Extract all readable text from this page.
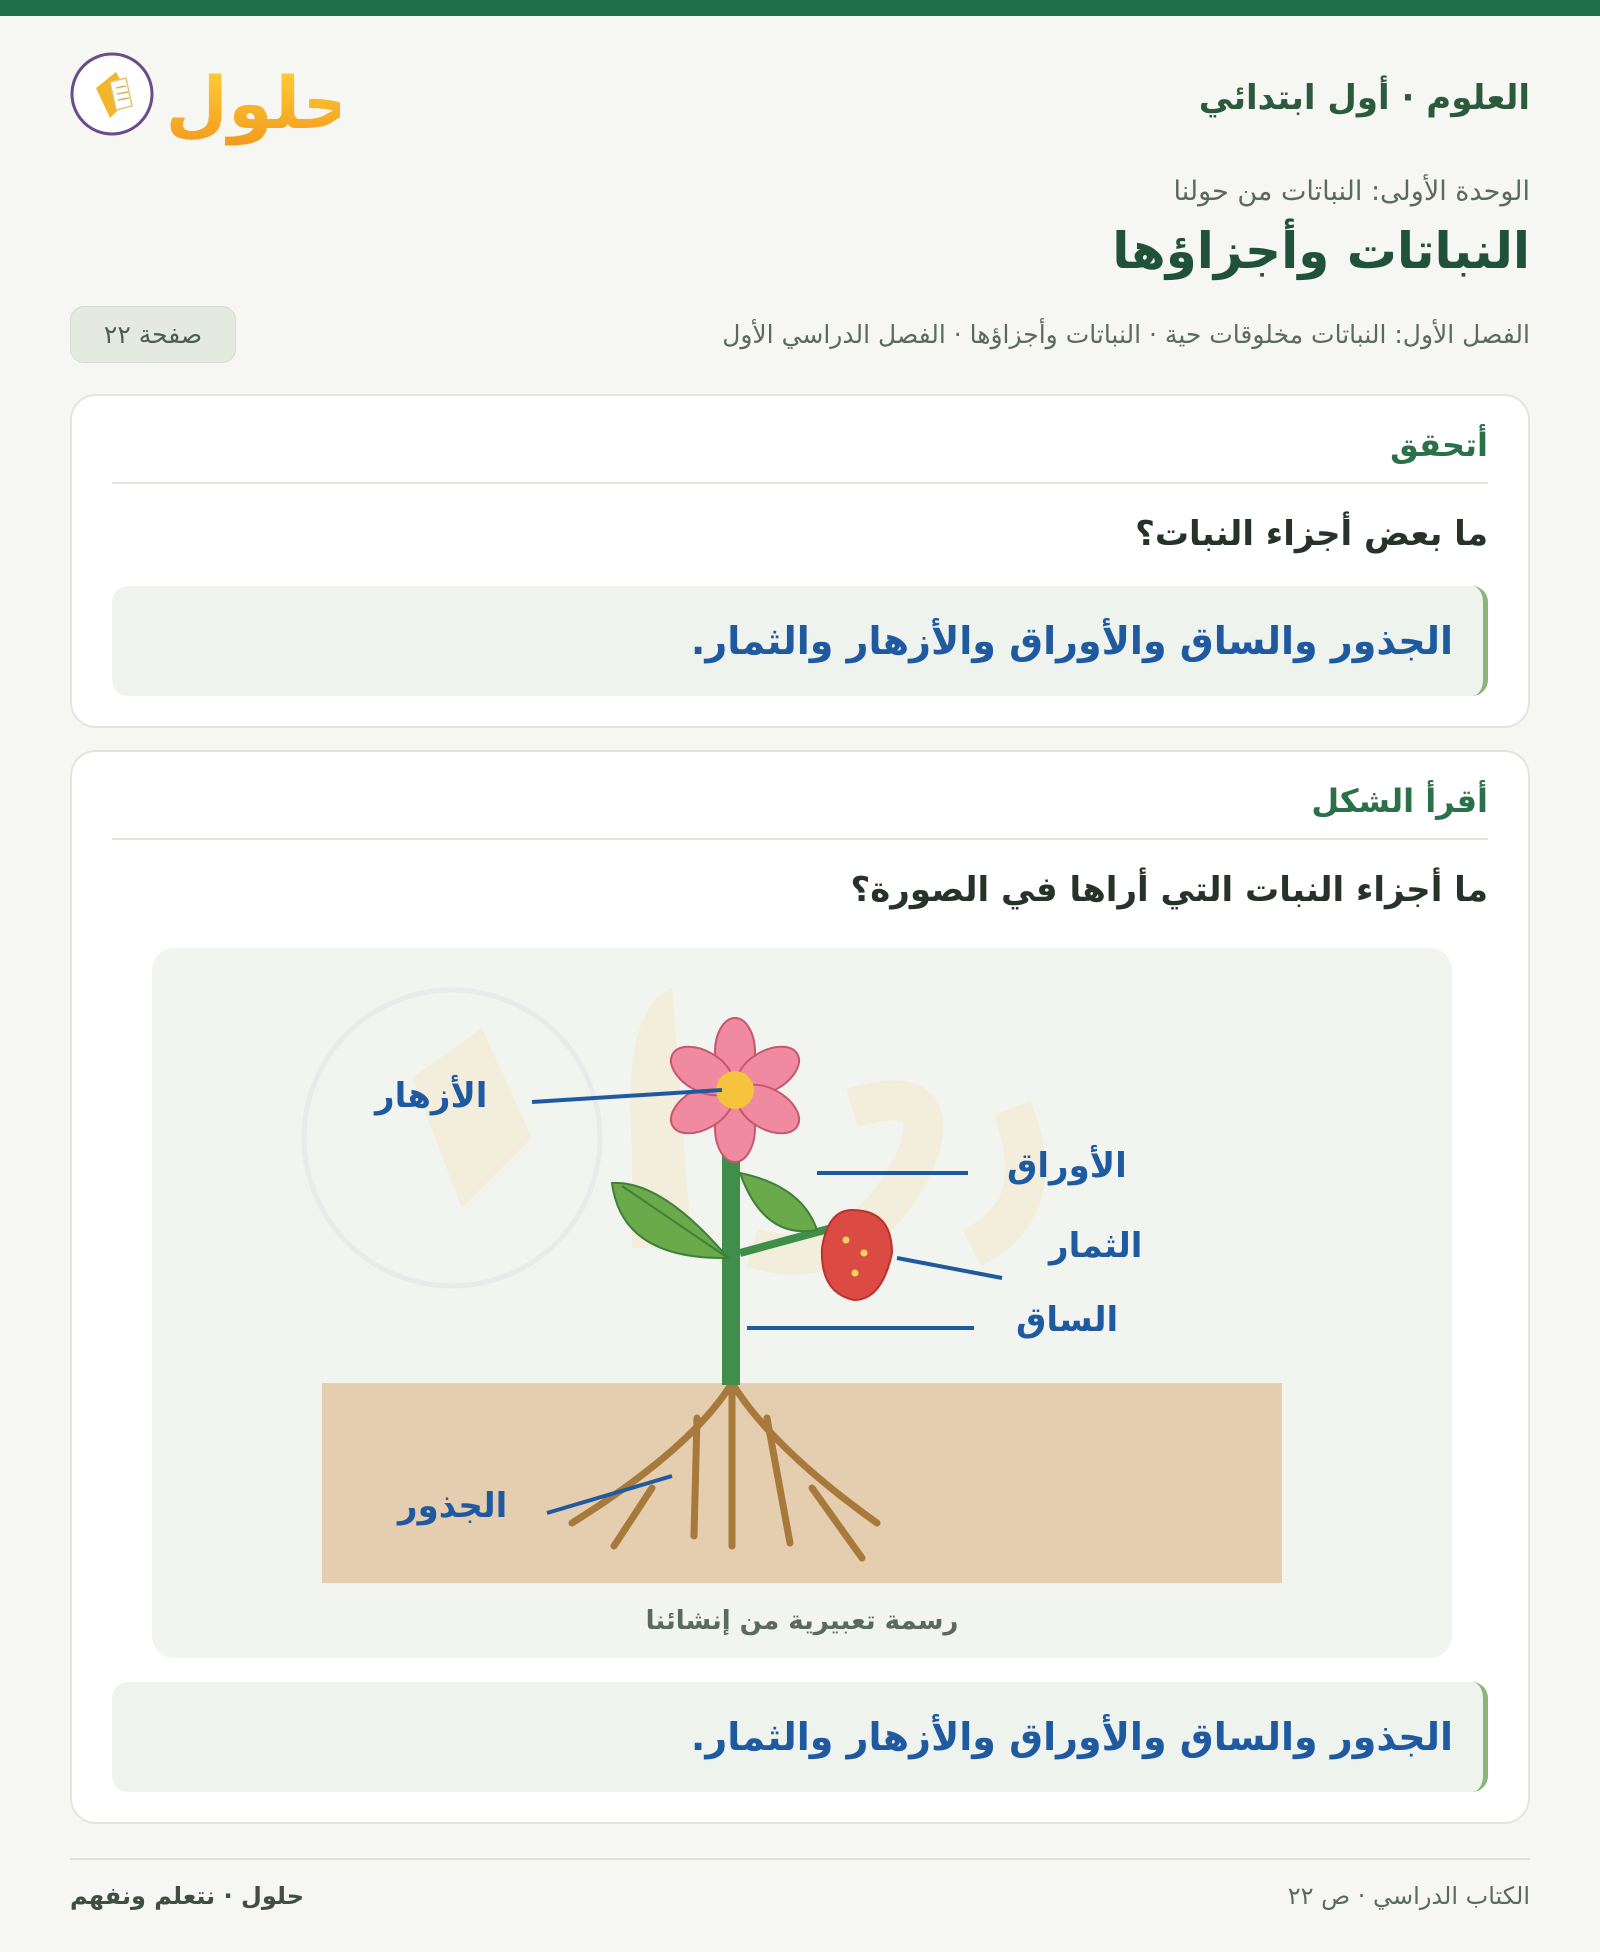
العلوم · أول ابتدائي
حلول
الوحدة الأولى: النباتات من حولنا
النباتات وأجزاؤها
الفصل الأول: النباتات مخلوقات حية · النباتات وأجزاؤها · الفصل الدراسي الأول
صفحة ٢٢
أتحقق
ما بعض أجزاء النبات؟
الجذور والساق والأوراق والأزهار والثمار.
أقرأ الشكل
ما أجزاء النبات التي أراها في الصورة؟
الأزهار
الأوراق
الثمار
الساق
الجذور
رسمة تعبيرية من إنشائنا
الجذور والساق والأوراق والأزهار والثمار.
حلول · نتعلم ونفهم	الكتاب الدراسي · ص ٢٢
